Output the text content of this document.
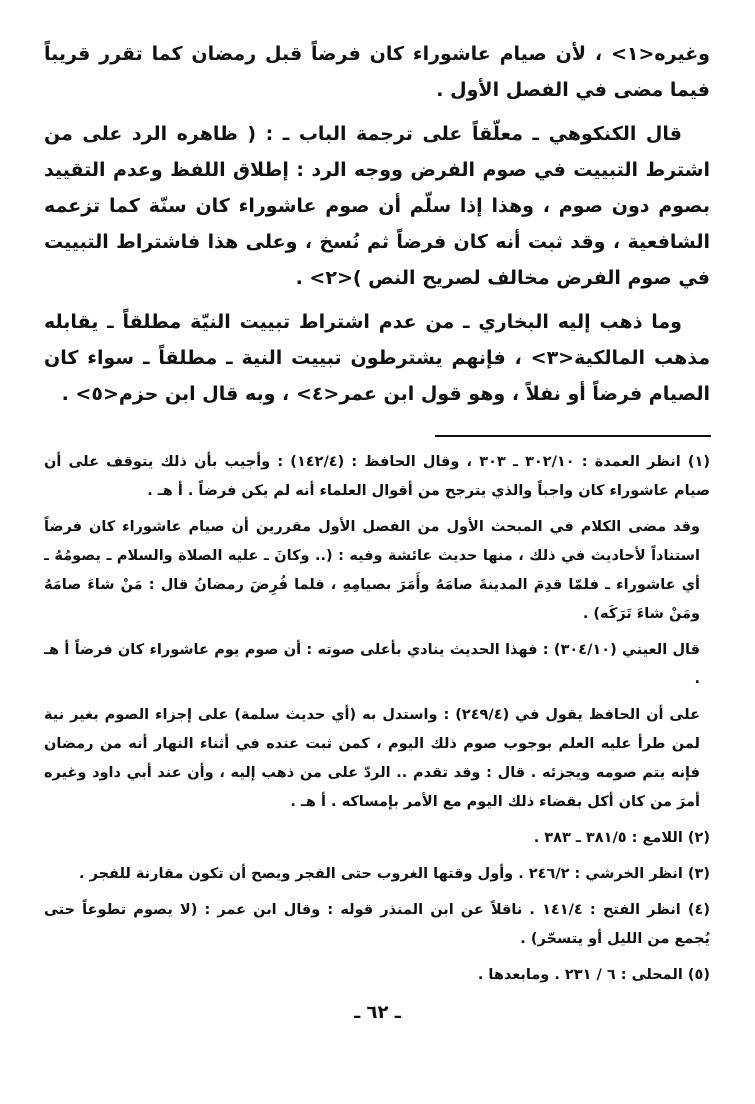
وغيره<١> ، لأن صيام عاشوراء كان فرضاً قبل رمضان كما تقرر قريباً فيما مضى في الفصل الأول .

قال الكنكوهي ـ معلّقاً على ترجمة الباب ـ : ( ظاهره الرد على من اشترط التبييت في صوم الفرض ووجه الرد : إطلاق اللفظ وعدم التقييد بصوم دون صوم ، وهذا إذا سلّم أن صوم عاشوراء كان سنّة كما تزعمه الشافعية ، وقد ثبت أنه كان فرضاً ثم نُسخ ، وعلى هذا فاشتراط التبييت في صوم الفرض مخالف لصريح النص )<٢> .

وما ذهب إليه البخاري ـ من عدم اشتراط تبييت النيّة مطلقاً ـ يقابله مذهب المالكية<٣> ، فإنهم يشترطون تبييت النية ـ مطلقاً ـ سواء كان الصيام فرضاً أو نفلاً ، وهو قول ابن عمر<٤> ، وبه قال ابن حزم<٥> .

(١) انظر العمدة : ٣٠٢/١٠ ـ ٣٠٣ ، وقال الحافظ : (١٤٢/٤) : وأجيب بأن ذلك يتوقف على أن صيام عاشوراء كان واجباً والذي يترجح من أقوال العلماء أنه لم يكن فرضاً . أ هـ .

وقد مضى الكلام في المبحث الأول من الفصل الأول مقررين أن صيام عاشوراء كان فرضاً استناداً لأحاديث في ذلك ، منها حديث عائشة وفيه : (.. وكانَ ـ عليه الصلاة والسلام ـ يصومُهُ ـ أي عاشوراء ـ فلمّا قدِمَ المدينةَ صامَهُ وأَمَرَ بصيامِهِ ، فلما فُرِضَ رمضانُ قال : مَنْ شاءَ صامَهُ ومَنْ شاءَ تَرَكَه) .

قال العيني (٣٠٤/١٠) : فهذا الحديث ينادي بأعلى صوته : أن صوم يوم عاشوراء كان فرضاً أ هـ .

على أن الحافظ يقول في (٢٤٩/٤) : واستدل به (أي حديث سلمة) على إجزاء الصوم بغير نية لمن طرأ عليه العلم بوجوب صوم ذلك اليوم ، كمن ثبت عنده في أثناء النهار أنه من رمضان فإنه يتم صومه ويجزئه . قال : وقد تقدم .. الردّ على من ذهب إليه ، وأن عند أبي داود وغيره أمرَ من كان أكل بقضاء ذلك اليوم مع الأمر بإمساكه . أ هـ .

(٢) اللامع : ٣٨١/٥ ـ ٣٨٣ .

(٣) انظر الخرشي : ٢٤٦/٢ . وأول وقتها الغروب حتى الفجر ويصح أن تكون مقارنة للفجر .

(٤) انظر الفتح : ١٤١/٤ . ناقلاً عن ابن المنذر قوله : وقال ابن عمر : (لا يصوم تطوعاً حتى يُجمع من الليل أو يتسحّر) .

(٥) المحلى : ٦ / ٢٣١ . ومابعدها .

ـ ٦٢ ـ
